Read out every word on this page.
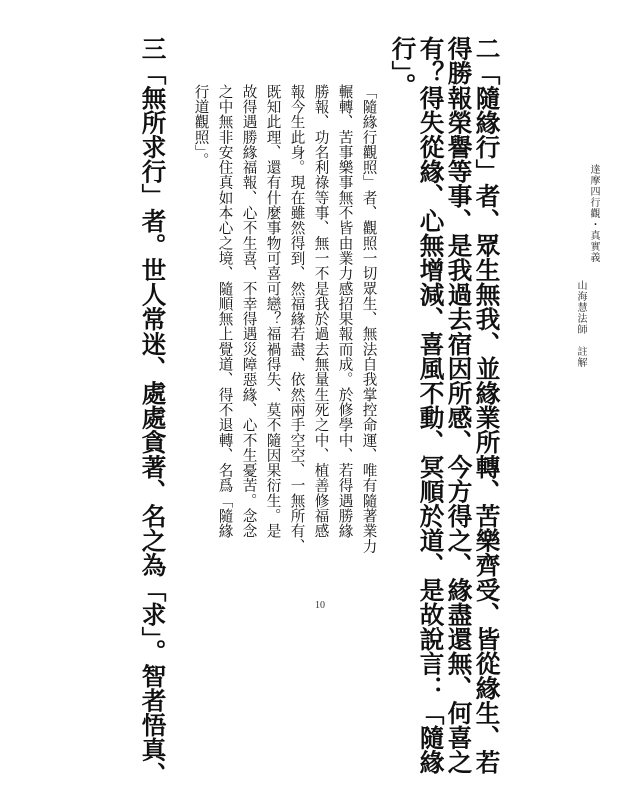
達摩四行觀・真實義
山海慧法師　註解
二「隨緣行」者、眾生無我、並緣業所轉、苦樂齊受、皆從緣生、若
得勝報榮譽等事、是我過去宿因所感、今方得之、緣盡還無、何喜之
有？得失從緣、心無增減、喜風不動、冥順於道、是故說言：「隨緣
行」。
「隨緣行觀照」者、觀照一切眾生、無法自我掌控命運、唯有隨著業力
輾轉、苦事樂事無不皆由業力感招果報而成。於修學中、若得遇勝緣
勝報、功名利祿等事、無一不是我於過去無量生死之中、植善修福感
報今生此身。現在雖然得到、然福緣若盡、依然兩手空空、一無所有、
既知此理、還有什麼事物可喜可戀？福禍得失、莫不隨因果衍生。是
故得遇勝緣福報、心不生喜、不幸得遇災障惡緣、心不生憂苦。念念
之中無非安住真如本心之境、隨順無上覺道、得不退轉、名爲「隨緣
行道觀照」。
三「無所求行」者。世人常迷、處處貪著、名之為「求」。智者悟真、	10
